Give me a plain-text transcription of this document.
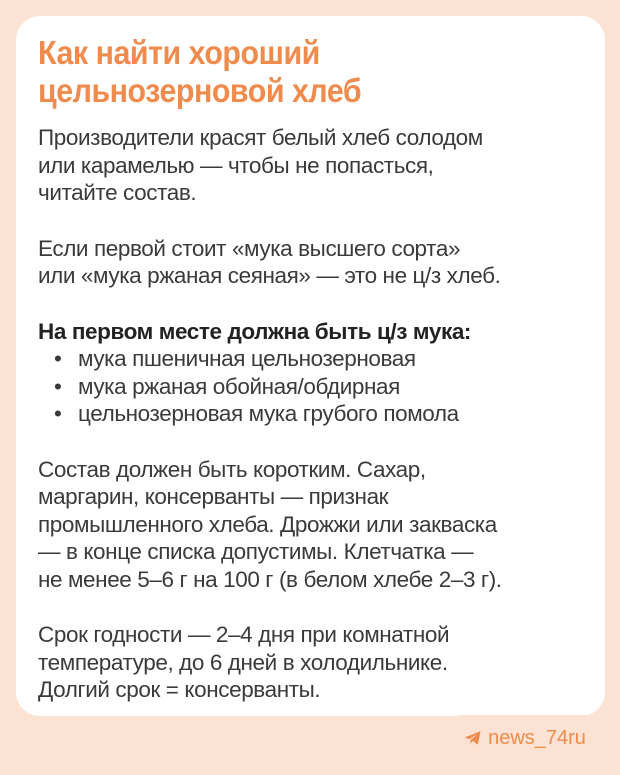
Как найти хороший
цельнозерновой хлеб

Производители красят белый хлеб солодом
или карамелью — чтобы не попасться,
читайте состав.

Если первой стоит «мука высшего сорта»
или «мука ржаная сеяная» — это не ц/з хлеб.

На первом месте должна быть ц/з мука:

• мука пшеничная цельнозерновая
• мука ржаная обойная/обдирная
• цельнозерновая мука грубого помола

Состав должен быть коротким. Сахар,
маргарин, консерванты — признак
промышленного хлеба. Дрожжи или закваска
— в конце списка допустимы. Клетчатка —
не менее 5–6 г на 100 г (в белом хлебе 2–3 г).

Срок годности — 2–4 дня при комнатной
температуре, до 6 дней в холодильнике.
Долгий срок = консерванты.

news_74ru
